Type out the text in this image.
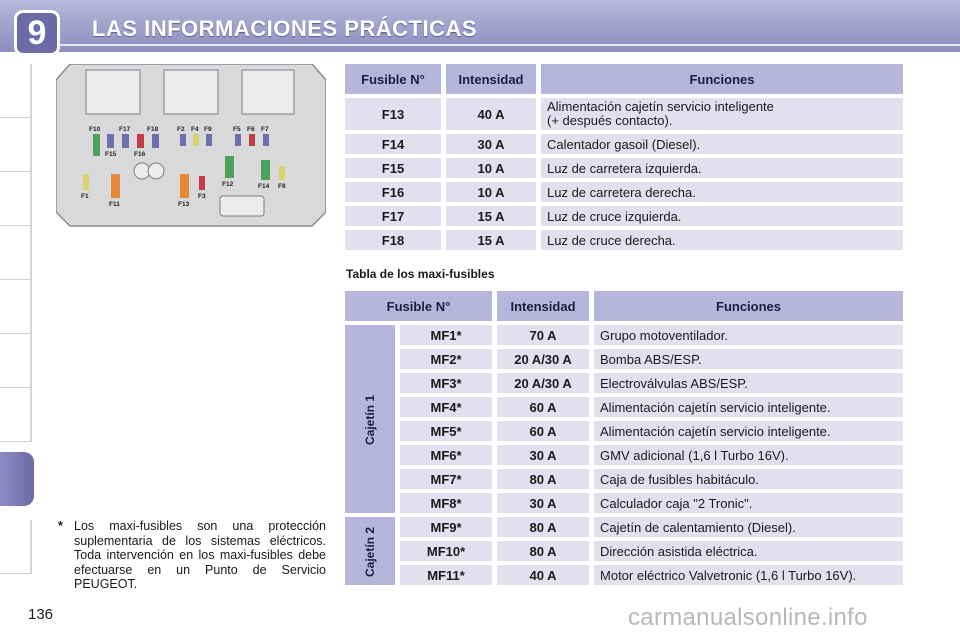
9	LAS INFORMACIONES PRÁCTICAS
F10	F17	F18	F2 F4 F9	F5 F6 F7
F15	F16
F12	F14 F8
F1
F11	F13
F3
Fusible N°	Intensidad	Funciones
F13	40 A	Alimentación cajetín servicio inteligente
(+ después contacto).
F14	30 A	Calentador gasoil (Diesel).
F15	10 A	Luz de carretera izquierda.
F16	10 A	Luz de carretera derecha.
F17	15 A	Luz de cruce izquierda.
F18	15 A	Luz de cruce derecha.
Tabla de los maxi-fusibles
Fusible N°		Intensidad	Funciones
Cajetín 1	MF1*	70 A	Grupo motoventilador.
	MF2*	20 A/30 A	Bomba ABS/ESP.
	MF3*	20 A/30 A	Electroválvulas ABS/ESP.
	MF4*	60 A	Alimentación cajetín servicio inteligente.
	MF5*	60 A	Alimentación cajetín servicio inteligente.
	MF6*	30 A	GMV adicional (1,6 l Turbo 16V).
	MF7*	80 A	Caja de fusibles habitáculo.
	MF8*	30 A	Calculador caja "2 Tronic".
Cajetín 2	MF9*	80 A	Cajetín de calentamiento (Diesel).
	MF10*	80 A	Dirección asistida eléctrica.
	MF11*	40 A	Motor eléctrico Valvetronic (1,6 l Turbo 16V).
* Los maxi-fusibles son una protección suplementaria de los sistemas eléctricos. Toda intervención en los maxi-fusibles debe efectuarse en un Punto de Servicio PEUGEOT.
136	carmanualsonline.info
